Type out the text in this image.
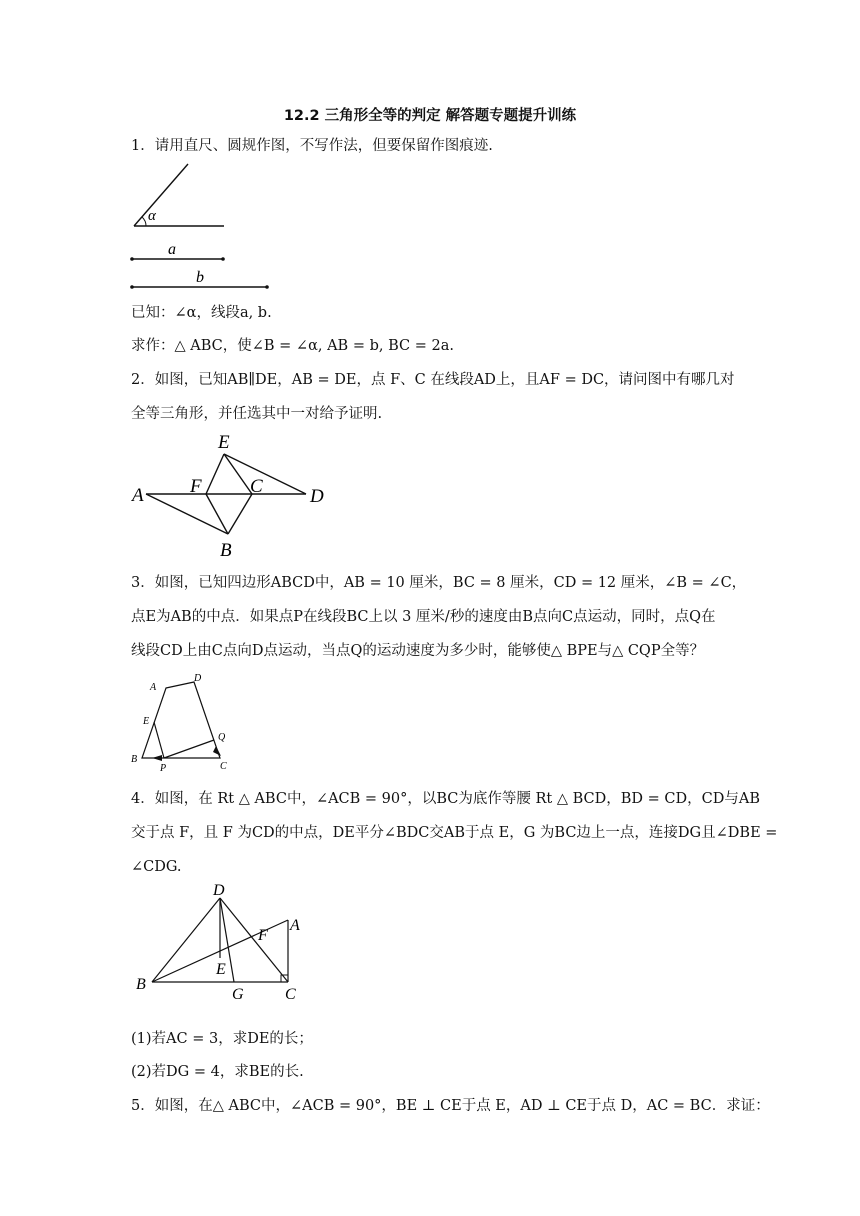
12.2 三角形全等的判定 解答题专题提升训练
1．请用直尺、圆规作图，不写作法，但要保留作图痕迹.
α
a
b
已知：∠α，线段a, b.
求作：△ ABC，使∠B = ∠α, AB = b, BC = 2a.
2．如图，已知AB∥DE，AB = DE，点 F、C 在线段AD上，且AF = DC，请问图中有哪几对
全等三角形，并任选其中一对给予证明.
A F	C D
E
B
3．如图，已知四边形ABCD中，AB = 10 厘米，BC = 8 厘米，CD = 12 厘米，∠B = ∠C，
点E为AB的中点．如果点P在线段BC上以 3 厘米/秒的速度由B点向C点运动，同时，点Q在
线段CD上由C点向D点运动，当点Q的运动速度为多少时，能够使△ BPE与△ CQP全等？
A
D
E
B
P
Q
C
4．如图，在 Rt △ ABC中，∠ACB = 90°，以BC为底作等腰 Rt △ BCD，BD = CD，CD与AB
交于点 F，且 F 为CD的中点，DE平分∠BDC交AB于点 E，G 为BC边上一点，连接DG且∠DBE =
∠CDG.
D
A
F
E
B
G	C
(1)若AC = 3，求DE的长；
(2)若DG = 4，求BE的长.
5．如图，在△ ABC中，∠ACB = 90°，BE ⊥ CE于点 E，AD ⊥ CE于点 D，AC = BC．求证：
